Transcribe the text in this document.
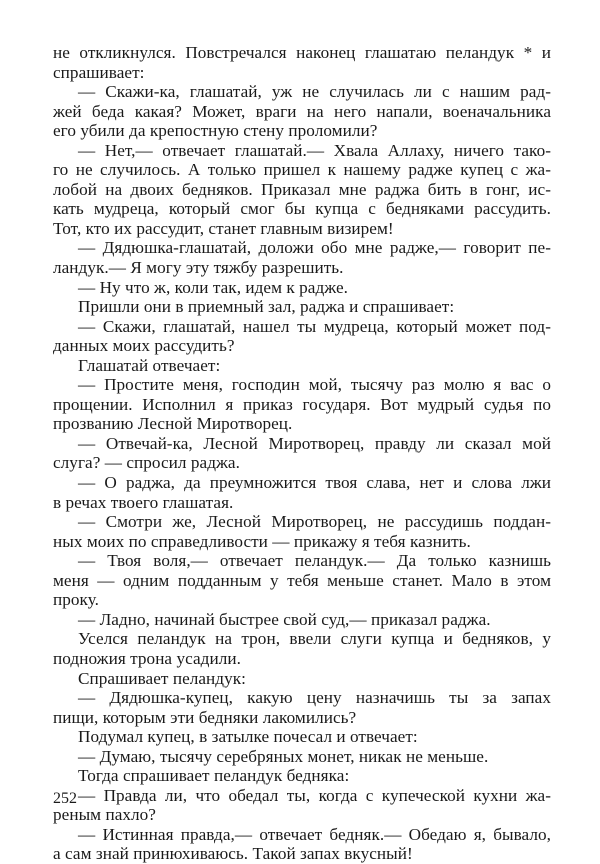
не откликнулся. Повстречался наконец глашатаю пеландук * и
спрашивает:
— Скажи-ка, глашатай, уж не случилась ли с нашим рад-
жей беда какая? Может, враги на него напали, военачальника
его убили да крепостную стену проломили?
— Нет,— отвечает глашатай.— Хвала Аллаху, ничего тако-
го не случилось. А только пришел к нашему радже купец с жа-
лобой на двоих бедняков. Приказал мне раджа бить в гонг, ис-
кать мудреца, который смог бы купца с бедняками рассудить.
Тот, кто их рассудит, станет главным визирем!
— Дядюшка-глашатай, доложи обо мне радже,— говорит пе-
ландук.— Я могу эту тяжбу разрешить.
— Ну что ж, коли так, идем к радже.
Пришли они в приемный зал, раджа и спрашивает:
— Скажи, глашатай, нашел ты мудреца, который может под-
данных моих рассудить?
Глашатай отвечает:
— Простите меня, господин мой, тысячу раз молю я вас о
прощении. Исполнил я приказ государя. Вот мудрый судья по
прозванию Лесной Миротворец.
— Отвечай-ка, Лесной Миротворец, правду ли сказал мой
слуга? — спросил раджа.
— О раджа, да преумножится твоя слава, нет и слова лжи
в речах твоего глашатая.
— Смотри же, Лесной Миротворец, не рассудишь поддан-
ных моих по справедливости — прикажу я тебя казнить.
— Твоя воля,— отвечает пеландук.— Да только казнишь
меня — одним подданным у тебя меньше станет. Мало в этом
проку.
— Ладно, начинай быстрее свой суд,— приказал раджа.
Уселся пеландук на трон, ввели слуги купца и бедняков, у
подножия трона усадили.
Спрашивает пеландук:
— Дядюшка-купец, какую цену назначишь ты за запах
пищи, которым эти бедняки лакомились?
Подумал купец, в затылке почесал и отвечает:
— Думаю, тысячу серебряных монет, никак не меньше.
Тогда спрашивает пеландук бедняка:
— Правда ли, что обедал ты, когда с купеческой кухни жа-
реным пахло?
— Истинная правда,— отвечает бедняк.— Обедаю я, бывало,
а сам знай принюхиваюсь. Такой запах вкусный!
252
